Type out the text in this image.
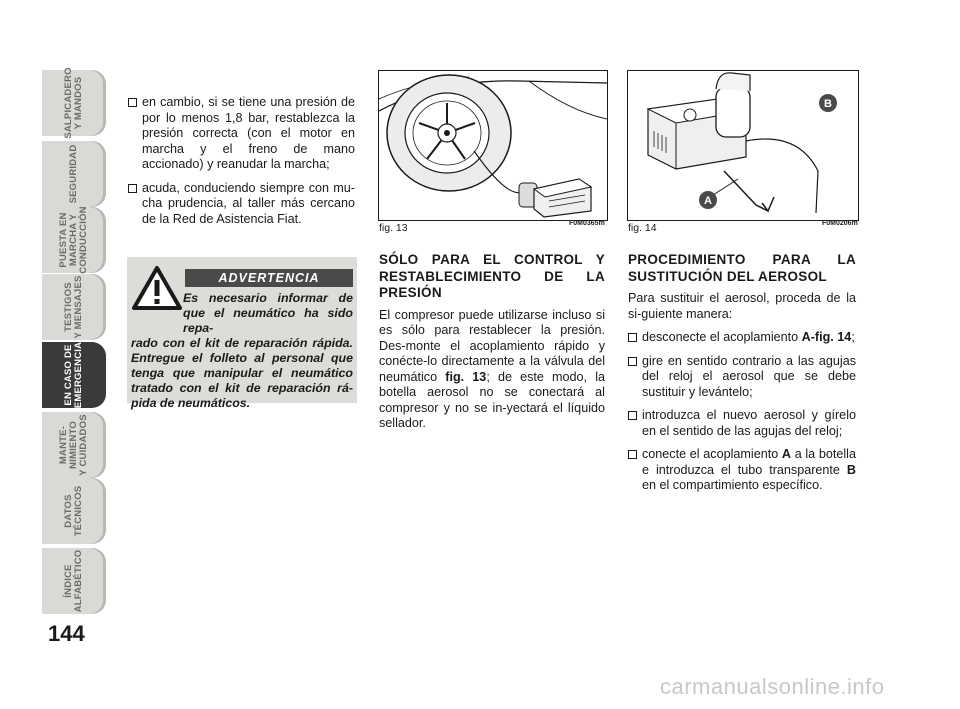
SALPICADERO
Y MANDOS
SEGURIDAD
PUESTA EN
MARCHA Y
CONDUCCIÓN
TESTIGOS
Y MENSAJES
EN CASO DE
EMERGENCIA
MANTE-
NIMIENTO
Y CUIDADOS
DATOS
TÉCNICOS
ÍNDICE
ALFABÉTICO
144

en cambio, si se tiene una presión de por lo menos 1,8 bar, restablezca la presión correcta (con el motor en marcha y el freno de mano accionado) y reanudar la marcha;

acuda, conduciendo siempre con mu-cha prudencia, al taller más cercano de la Red de Asistencia Fiat.

ADVERTENCIA
Es necesario informar de que el neumático ha sido repa-
rado con el kit de reparación rápida. Entregue el folleto al personal que tenga que manipular el neumático tratado con el kit de reparación rá-pida de neumáticos.
fig. 13	F0M0365m
B
A
fig. 14	F0M0206m

SÓLO PARA EL CONTROL Y RESTABLECIMIENTO DE LA PRESIÓN

El compresor puede utilizarse incluso si es sólo para restablecer la presión. Des-monte el acoplamiento rápido y conécte-lo directamente a la válvula del neumático fig. 13; de este modo, la botella aerosol no se conectará al compresor y no se in-yectará el líquido sellador.

PROCEDIMIENTO PARA LA SUSTITUCIÓN DEL AEROSOL

Para sustituir el aerosol, proceda de la si-guiente manera:

desconecte el acoplamiento A-fig. 14;

gire en sentido contrario a las agujas del reloj el aerosol que se debe sustituir y levántelo;

introduzca el nuevo aerosol y gírelo en el sentido de las agujas del reloj;

conecte el acoplamiento A a la botella e introduzca el tubo transparente B en el compartimiento específico.

carmanualsonline.info
